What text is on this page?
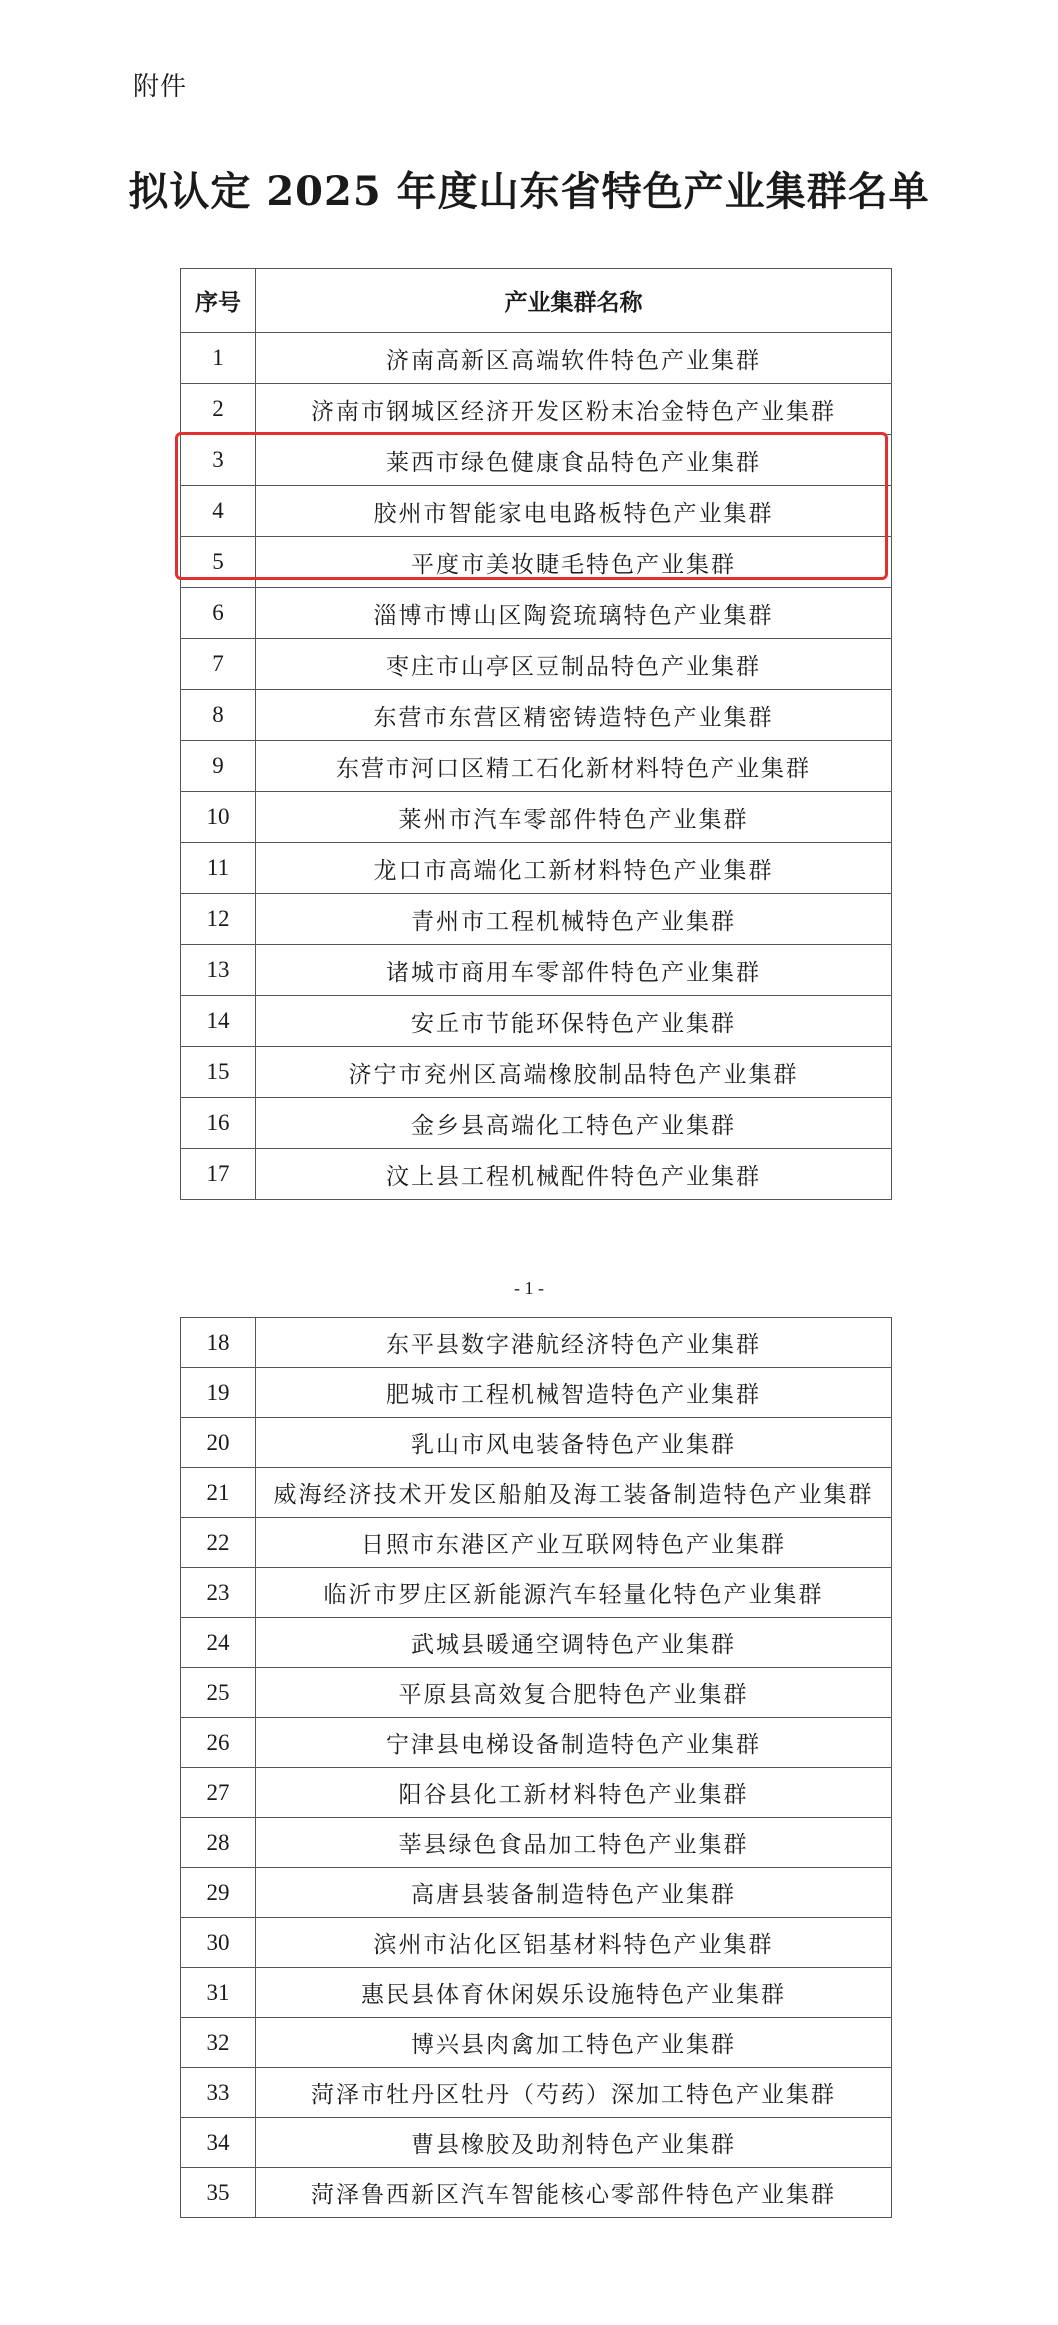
附件
拟认定 2025 年度山东省特色产业集群名单
序号	产业集群名称
1	济南高新区高端软件特色产业集群
2	济南市钢城区经济开发区粉末冶金特色产业集群
3	莱西市绿色健康食品特色产业集群
4	胶州市智能家电电路板特色产业集群
5	平度市美妆睫毛特色产业集群
6	淄博市博山区陶瓷琉璃特色产业集群
7	枣庄市山亭区豆制品特色产业集群
8	东营市东营区精密铸造特色产业集群
9	东营市河口区精工石化新材料特色产业集群
10	莱州市汽车零部件特色产业集群
11	龙口市高端化工新材料特色产业集群
12	青州市工程机械特色产业集群
13	诸城市商用车零部件特色产业集群
14	安丘市节能环保特色产业集群
15	济宁市兖州区高端橡胶制品特色产业集群
16	金乡县高端化工特色产业集群
17	汶上县工程机械配件特色产业集群
- 1 -
18	东平县数字港航经济特色产业集群
19	肥城市工程机械智造特色产业集群
20	乳山市风电装备特色产业集群
21	威海经济技术开发区船舶及海工装备制造特色产业集群
22	日照市东港区产业互联网特色产业集群
23	临沂市罗庄区新能源汽车轻量化特色产业集群
24	武城县暖通空调特色产业集群
25	平原县高效复合肥特色产业集群
26	宁津县电梯设备制造特色产业集群
27	阳谷县化工新材料特色产业集群
28	莘县绿色食品加工特色产业集群
29	高唐县装备制造特色产业集群
30	滨州市沾化区铝基材料特色产业集群
31	惠民县体育休闲娱乐设施特色产业集群
32	博兴县肉禽加工特色产业集群
33	菏泽市牡丹区牡丹（芍药）深加工特色产业集群
34	曹县橡胶及助剂特色产业集群
35	菏泽鲁西新区汽车智能核心零部件特色产业集群
